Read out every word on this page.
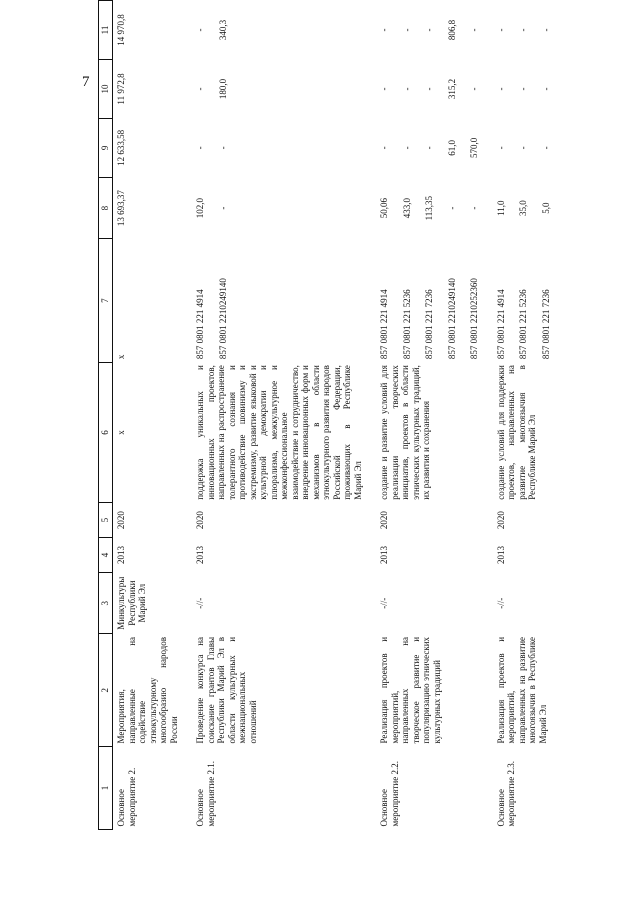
7
1	2	3	4	5	6	7	8	9	10	11
Основное мероприятие 2.	Мероприятия, направленные на содействие этнокультурному многообразию народов России	Минкультуры Республики Марий Эл	2013	2020	х	х	13 693,37	12 633,58	11 972,8	14 970,8

Основное мероприятие 2.1.	Проведение конкурса на соискание грантов Главы Республики Марий Эл в области культурных и межнациональных отношений	-//-	2013	2020	поддержка уникальных и инновационных проектов, направленных на распространение толерантного сознания и противодействие шовинизму и экстремизму, развитие языковой и культурной демократии и плюрализма, межкультурное и межконфессиональное взаимодействие и сотрудничество, внедрение инновационных форм и механизмов в области этнокультурного развития народов Российской Федерации, проживающих в Республике Марий Эл	857 0801 221 4914 857 0801 2210249140	102,0 -	- -	- 180,0	- 340,3

Основное мероприятие 2.2.	Реализация проектов и мероприятий, направленных на творческое развитие и популяризацию этнических культурных традиций	-//-	2013	2020	создание и развитие условий для реализации творческих инициатив, проектов в области этнических культурных традиций, их развития и сохранения	857 0801 221 4914 857 0801 221 5236 857 0801 221 7236 857 0801 2210249140 857 0801 2210252360	50,06 433,0 113,35 - -	- - - 61,0 570,0	- - - 315,2 -	- - - 806,8 -

Основное мероприятие 2.3.	Реализация проектов и мероприятий, направленных на развитие многоязычия в Республике Марий Эл	-//-	2013	2020	создание условий для поддержки проектов, направленных на развитие многоязычия в Республике Марий Эл	857 0801 221 4914 857 0801 221 5236 857 0801 221 7236	11,0 35,0 5,0	- - -	- - -	- - -
